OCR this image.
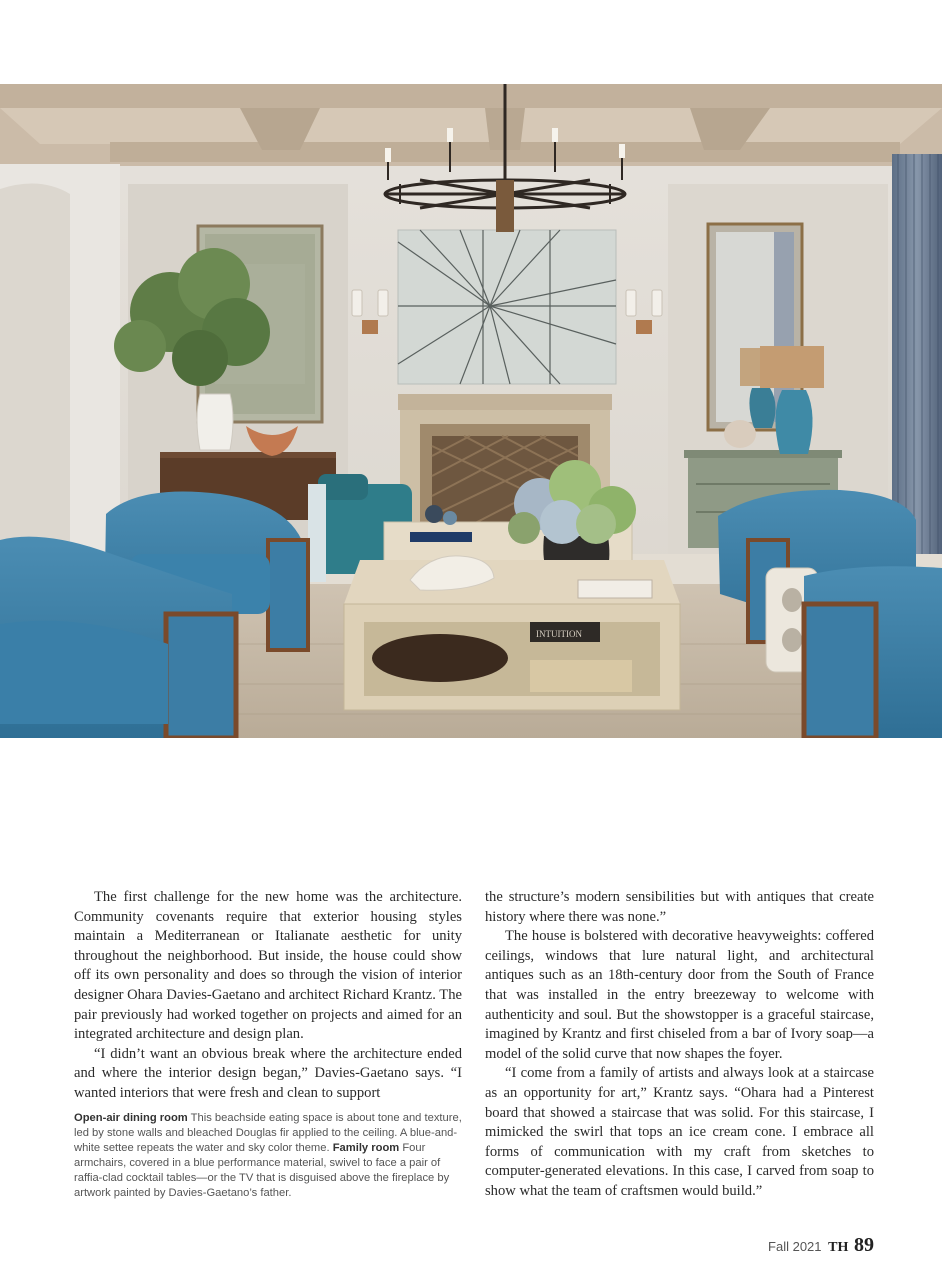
INTUITION

The first challenge for the new home was the architecture. Community covenants require that exterior housing styles maintain a Mediterranean or Italianate aesthetic for unity throughout the neighborhood. But inside, the house could show off its own personality and does so through the vision of interior designer Ohara Davies-Gaetano and architect Richard Krantz. The pair previously had worked together on projects and aimed for an integrated architecture and design plan.

“I didn’t want an obvious break where the architecture ended and where the interior design began,” Davies-Gaetano says. “I wanted interiors that were fresh and clean to support

Open-air dining room This beachside eating space is about tone and texture, led by stone walls and bleached Douglas fir applied to the ceiling. A blue-and-white settee repeats the water and sky color theme. Family room Four armchairs, covered in a blue performance material, swivel to face a pair of raffia-clad cocktail tables—or the TV that is disguised above the fireplace by artwork painted by Davies-Gaetano’s father.

the structure’s modern sensibilities but with antiques that create history where there was none.”

The house is bolstered with decorative heavyweights: coffered ceilings, windows that lure natural light, and architectural antiques such as an 18th-century door from the South of France that was installed in the entry breezeway to welcome with authenticity and soul. But the showstopper is a graceful staircase, imagined by Krantz and first chiseled from a bar of Ivory soap—a model of the solid curve that now shapes the foyer.

“I come from a family of artists and always look at a staircase as an opportunity for art,” Krantz says. “Ohara had a Pinterest board that showed a staircase that was solid. For this staircase, I mimicked the swirl that tops an ice cream cone. I embrace all forms of communication with my craft from sketches to computer-generated elevations. In this case, I carved from soap to show what the team of craftsmen would build.”

Fall 2021 TH 89
